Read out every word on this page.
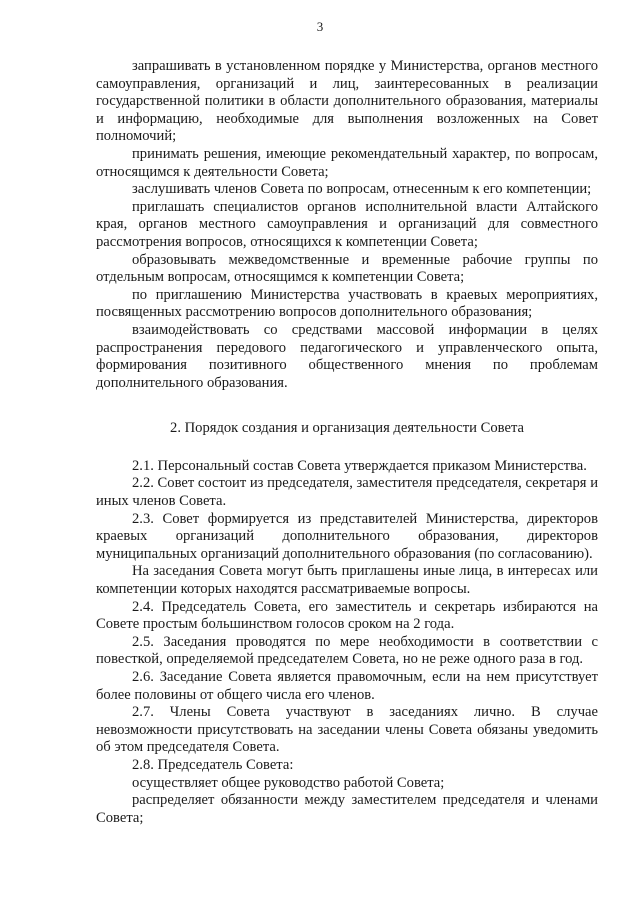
3

запрашивать в установленном порядке у Министерства, органов местного самоуправления, организаций и лиц, заинтересованных в реализации государственной политики в области дополнительного образования, материалы и информацию, необходимые для выполнения возложенных на Совет полномочий;

принимать решения, имеющие рекомендательный характер, по вопросам, относящимся к деятельности Совета;

заслушивать членов Совета по вопросам, отнесенным к его компетенции;

приглашать специалистов органов исполнительной власти Алтайского края, органов местного самоуправления и организаций для совместного рассмотрения вопросов, относящихся к компетенции Совета;

образовывать межведомственные и временные рабочие группы по отдельным вопросам, относящимся к компетенции Совета;

по приглашению Министерства участвовать в краевых мероприятиях, посвященных рассмотрению вопросов дополнительного образования;

взаимодействовать со средствами массовой информации в целях распространения передового педагогического и управленческого опыта, формирования позитивного общественного мнения по проблемам дополнительного образования.

2. Порядок создания и организация деятельности Совета

2.1. Персональный состав Совета утверждается приказом Министерства.

2.2. Совет состоит из председателя, заместителя председателя, секретаря и иных членов Совета.

2.3. Совет формируется из представителей Министерства, директоров краевых организаций дополнительного образования, директоров муниципальных организаций дополнительного образования (по согласованию).

На заседания Совета могут быть приглашены иные лица, в интересах или компетенции которых находятся рассматриваемые вопросы.

2.4. Председатель Совета, его заместитель и секретарь избираются на Совете простым большинством голосов сроком на 2 года.

2.5. Заседания проводятся по мере необходимости в соответствии с повесткой, определяемой председателем Совета, но не реже одного раза в год.

2.6. Заседание Совета является правомочным, если на нем присутствует более половины от общего числа его членов.

2.7. Члены Совета участвуют в заседаниях лично. В случае невозможности присутствовать на заседании члены Совета обязаны уведомить об этом председателя Совета.

2.8. Председатель Совета:

осуществляет общее руководство работой Совета;

распределяет обязанности между заместителем председателя и членами Совета;
